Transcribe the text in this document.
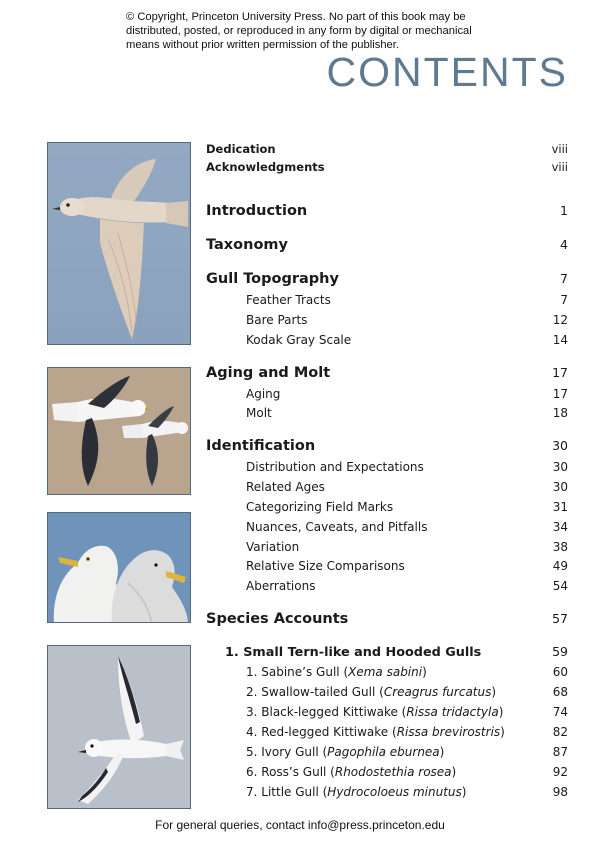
© Copyright, Princeton University Press. No part of this book may be
distributed, posted, or reproduced in any form by digital or mechanical
means without prior written permission of the publisher.
CONTENTS
Dedication	viii
Acknowledgments	viii
Introduction	1
Taxonomy	4
Gull Topography	7
Feather Tracts	7
Bare Parts	12
Kodak Gray Scale	14
Aging and Molt	17
Aging	17
Molt	18
Identification	30
Distribution and Expectations	30
Related Ages	30
Categorizing Field Marks	31
Nuances, Caveats, and Pitfalls	34
Variation	38
Relative Size Comparisons	49
Aberrations	54
Species Accounts	57
1. Small Tern-like and Hooded Gulls	59
1. Sabine’s Gull (Xema sabini)	60
2. Swallow-tailed Gull (Creagrus furcatus)	68
3. Black-legged Kittiwake (Rissa tridactyla)	74
4. Red-legged Kittiwake (Rissa brevirostris)	82
5. Ivory Gull (Pagophila eburnea)	87
6. Ross’s Gull (Rhodostethia rosea)	92
7. Little Gull (Hydrocoloeus minutus)	98
For general queries, contact info@press.princeton.edu
